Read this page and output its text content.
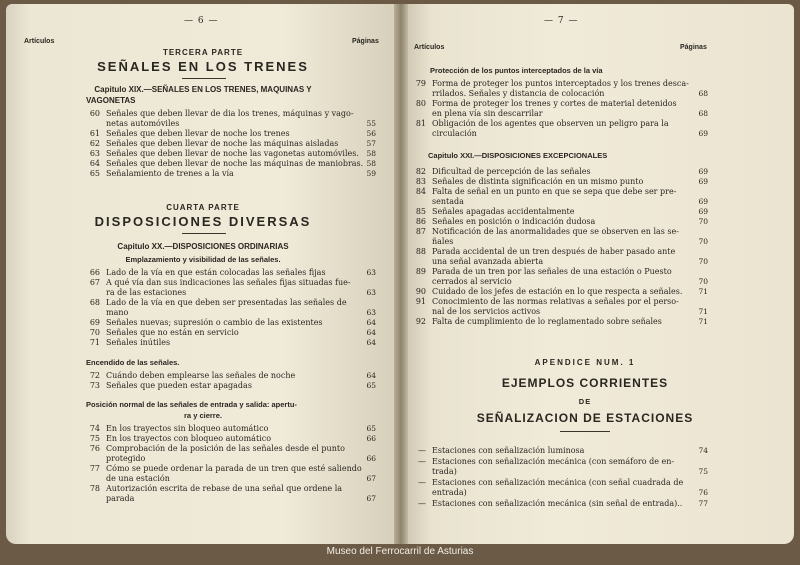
— 6 —
Artículos	Páginas
TERCERA PARTE
SEÑALES EN LOS TRENES
Capitulo XIX.—SEÑALES EN LOS TRENES, MAQUINAS Y
VAGONETAS
60 Señales que deben llevar de dia los trenes, máquinas y vago-
netas automóviles	55
61 Señales que deben llevar de noche los trenes	56
62 Señales que deben llevar de noche las máquinas aisladas	57
63 Señales que deben llevar de noche las vagonetas automóviles.	58
64 Señales que deben llevar de noche las máquinas de maniobras. 58
65 Señalamiento de trenes a la vía	59
CUARTA PARTE
DISPOSICIONES DIVERSAS
Capitulo XX.—DISPOSICIONES ORDINARIAS
Emplazamiento y visibilidad de las señales.
66 Lado de la vía en que están colocadas las señales fijas	63
67 A qué vía dan sus indicaciones las señales fijas situadas fue-
ra de las estaciones	63
68 Lado de la vía en que deben ser presentadas las señales de
mano	63
69 Señales nuevas; supresión o cambio de las existentes	64
70 Señales que no están en servicio	64
71 Señales inútiles	64
Encendido de las señales.
72 Cuándo deben emplearse las señales de noche	64
73 Señales que pueden estar apagadas	65
Posición normal de las señales de entrada y salida: apertu-
ra y cierre.
74 En los trayectos sin bloqueo automático	65
75 En los trayectos con bloqueo automático	66
76 Comprobación de la posición de las señales desde el punto
protegido	66
77 Cómo se puede ordenar la parada de un tren que esté saliendo
de una estación	67
78 Autorización escrita de rebase de una señal que ordene la
parada	67
— 7 —
Artículos	Páginas
Protección de los puntos interceptados de la vía
79 Forma de proteger los puntos interceptados y los trenes desca-
rrilados. Señales y distancia de colocación	68
80 Forma de proteger los trenes y cortes de material detenidos
en plena vía sin descarrilar	68
81 Obligación de los agentes que observen un peligro para la
circulación	69
Capitulo XXI.—DISPOSICIONES EXCEPCIONALES
82 Dificultad de percepción de las señales	69
83 Señales de distinta significación en un mismo punto	69
84 Falta de señal en un punto en que se sepa que debe ser pre-
sentada	69
85 Señales apagadas accidentalmente	69
86 Señales en posición o indicación dudosa	70
87 Notificación de las anormalidades que se observen en las se-
ñales	70
88 Parada accidental de un tren después de haber pasado ante
una señal avanzada abierta	70
89 Parada de un tren por las señales de una estación o Puesto
cerrados al servicio	70
90 Cuidado de los jefes de estación en lo que respecta a señales.	71
91 Conocimiento de las normas relativas a señales por el perso-
nal de los servicios activos	71
92 Falta de cumplimiento de lo reglamentado sobre señales	71
APENDICE NUM. 1
EJEMPLOS CORRIENTES
DE
SEÑALIZACION DE ESTACIONES
— Estaciones con señalización luminosa	74
— Estaciones con señalización mecánica (con semáforo de en-
trada)	75
— Estaciones con señalización mecánica (con señal cuadrada de
entrada)	76
— Estaciones con señalización mecánica (sin señal de entrada)..	77
Museo del Ferrocarril de Asturias
